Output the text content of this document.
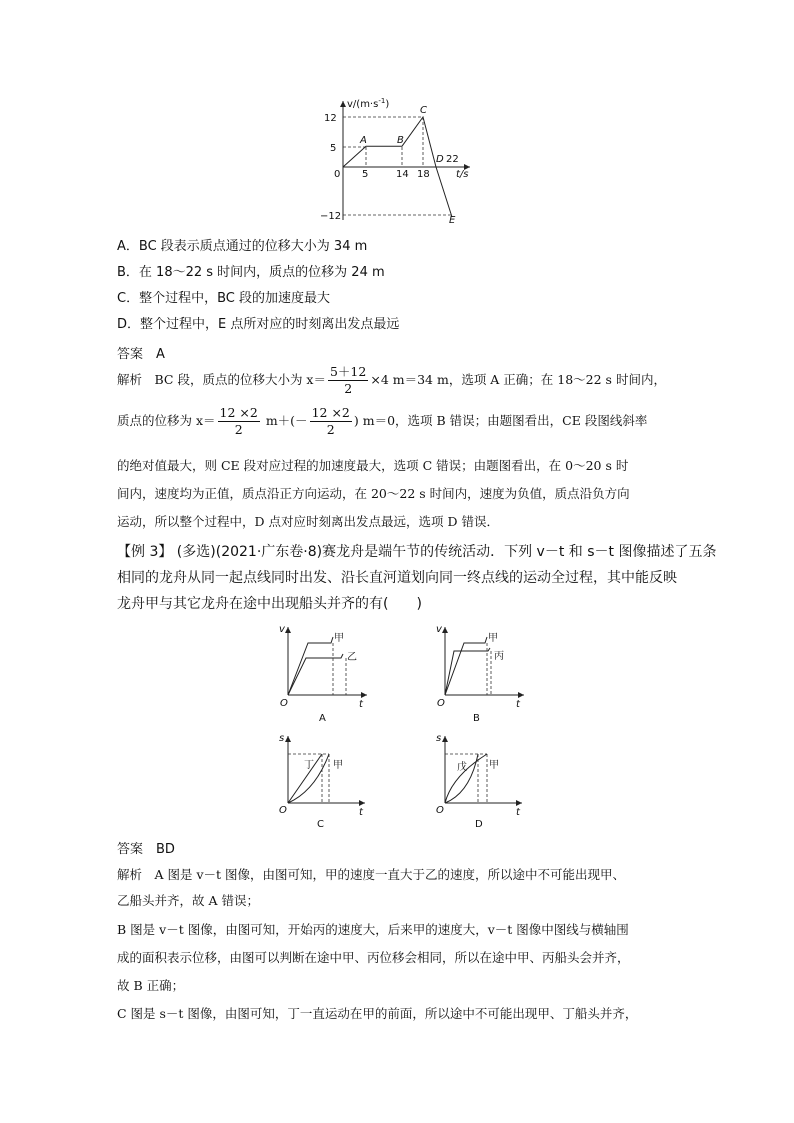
$v/(m\cdot s^{-1})$
t/s
12
5
0
−12
5	14 18
22
A	B
C
D
E
A．BC 段表示质点通过的位移大小为 34 m
B．在 18～22 s 时间内，质点的位移为 24 m
C．整个过程中，BC 段的加速度最大
D．整个过程中，E 点所对应的时刻离出发点最远
答案　A
解析　BC 段，质点的位移大小为 $x= \frac{5+12}{2} \times 4$ m＝34 m，选项 A 正确；在 18～22 s 时间内，
质点的位移为 $x= \frac{12 \times 2}{2} m+(- \frac{12 \times 2}{2}$ ) m＝0，选项 B 错误；由题图看出，CE 段图线斜率
的绝对值最大，则 CE 段对应过程的加速度最大，选项 C 错误；由题图看出，在 0～20 s 时
间内，速度均为正值，质点沿正方向运动，在 20～22 s 时间内，速度为负值，质点沿负方向
运动，所以整个过程中，D 点对应时刻离出发点最远，选项 D 错误．
【例 3】 (多选)(2021·广东卷·8)赛龙舟是端午节的传统活动．下列 v－t 和 s－t 图像描述了五条
相同的龙舟从同一起点线同时出发、沿长直河道划向同一终点线的运动全过程，其中能反映
龙舟甲与其它龙舟在途中出现船头并齐的有(　　)
v
t
O
甲
乙
A
v
t
O
甲
丙
B
s
t
O
丁 甲
C
s
t
O
戊 甲
D
答案　BD
解析　A 图是 v－t 图像，由图可知，甲的速度一直大于乙的速度，所以途中不可能出现甲、
乙船头并齐，故 A 错误；
B 图是 v－t 图像，由图可知，开始丙的速度大，后来甲的速度大，v－t 图像中图线与横轴围
成的面积表示位移，由图可以判断在途中甲、丙位移会相同，所以在途中甲、丙船头会并齐，
故 B 正确；
C 图是 s－t 图像，由图可知，丁一直运动在甲的前面，所以途中不可能出现甲、丁船头并齐，
